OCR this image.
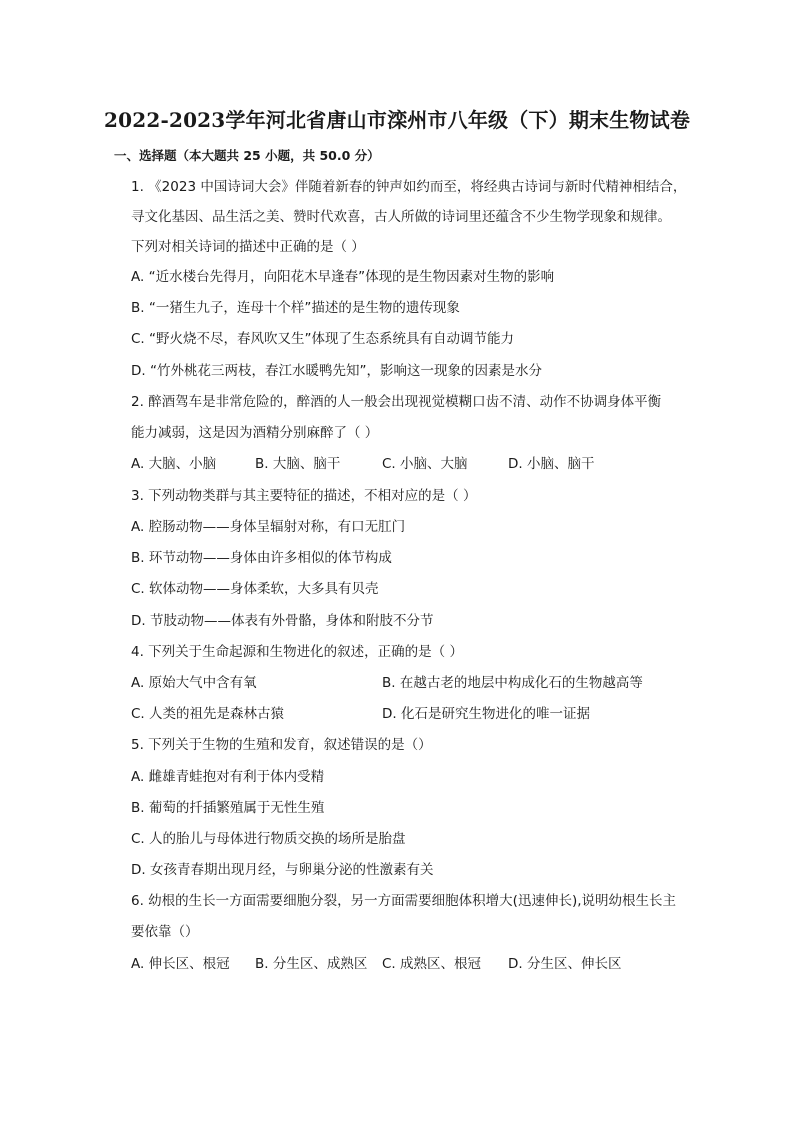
2022-2023学年河北省唐山市滦州市八年级（下）期末生物试卷
一、选择题（本大题共 25 小题，共 50.0 分）
1. 《2023 中国诗词大会》伴随着新春的钟声如约而至，将经典古诗词与新时代精神相结合，
寻文化基因、品生活之美、赞时代欢喜，古人所做的诗词里还蕴含不少生物学现象和规律。
下列对相关诗词的描述中正确的是（ ）
A. “近水楼台先得月，向阳花木早逢春”体现的是生物因素对生物的影响
B. “一猪生九子，连母十个样”描述的是生物的遗传现象
C. “野火烧不尽，春风吹又生”体现了生态系统具有自动调节能力
D. “竹外桃花三两枝，春江水暖鸭先知”，影响这一现象的因素是水分
2. 醉酒驾车是非常危险的，醉酒的人一般会出现视觉模糊口齿不清、动作不协调身体平衡
能力减弱，这是因为酒精分别麻醉了（ ）
A. 大脑、小脑	B. 大脑、脑干	C. 小脑、大脑	D. 小脑、脑干
3. 下列动物类群与其主要特征的描述，不相对应的是（ ）
A. 腔肠动物——身体呈辐射对称，有口无肛门
B. 环节动物——身体由许多相似的体节构成
C. 软体动物——身体柔软，大多具有贝壳
D. 节肢动物——体表有外骨骼，身体和附肢不分节
4. 下列关于生命起源和生物进化的叙述，正确的是（ ）
A. 原始大气中含有氧	B. 在越古老的地层中构成化石的生物越高等
C. 人类的祖先是森林古猿	D. 化石是研究生物进化的唯一证据
5. 下列关于生物的生殖和发育，叙述错误的是（）
A. 雌雄青蛙抱对有利于体内受精
B. 葡萄的扦插繁殖属于无性生殖
C. 人的胎儿与母体进行物质交换的场所是胎盘
D. 女孩青春期出现月经，与卵巢分泌的性激素有关
6. 幼根的生长一方面需要细胞分裂，另一方面需要细胞体积增大(迅速伸长),说明幼根生长主
要依靠（）
A. 伸长区、根冠 B. 分生区、成熟区 C. 成熟区、根冠 D. 分生区、伸长区
